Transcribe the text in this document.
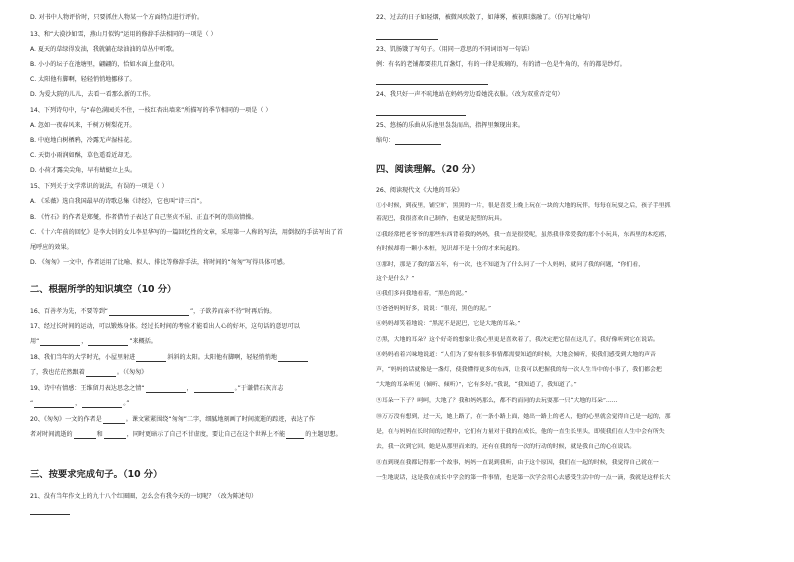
D. 对书中人物评价时，只要抓住人物某一个方面特点进行评价。
13、和“大漠沙如雪，燕山月似钩”运用的修辞手法相同的一项是（ ）
A. 夏天的草绿得发油，我就躺在绿油油的草丛中听歌。
B. 小小的坛子在池塘里，翩翩的，恰如水面上盘花印。
C. 太阳他有脚啊，轻轻悄悄地挪移了。
D. 为爱大院的儿儿，去看一看那么新的工作。
14、下列诗句中，与“春色满园关不住，一枝红杏出墙来”所描写的季节相同的一项是（ ）
A. 忽如一夜春风来，千树万树梨花开。
B. 中庭地白树栖鸦，冷露无声湿桂花。
C. 天街小雨润如酥，草色遥看近却无。
D. 小荷才露尖尖角，早有蜻蜓立上头。
15、下列关于文学常识的说法，有误的一项是（ ）
A. 《采薇》选自我国最早的诗歌总集《诗经》，它也叫“诗三百”。
B. 《竹石》的作者是郑燮，作者借竹子表达了自己坚贞不屈、正直不阿的崇高情操。
C. 《十六年前的回忆》是李大钊的女儿李星华写的一篇回忆性的文章，采用第一人称的写法，用倒叙的手法写出了首
尾呼应的效果。
D. 《匆匆》一文中，作者运用了比喻、拟人、排比等修辞手法，将时间的“匆匆”写得具体可感。
二、根据所学的知识填空（10 分）
16、百善孝为先，不要等到“	”，子欲养而亲不待”时再后悔。
17、经过长时间的运动，可以锻炼身体。经过长时间的考验才能看出人心的好坏，这句话的意思可以
用“	，	”来概括。
18、我们当年的大学时光，小屋里射进	斜斜的太阳。太阳他有脚啊，轻轻悄悄地
了，我也茫茫然跟着	。（《匆匆》
19、诗中有情感：王维留月表达思念之情“	，	。”于谦借石灰言志
“	，	。”
20、《匆匆》一文的作者是	。课文紧紧围绕“匆匆”二字，细腻地刻画了时间流逝的踪迹，表达了作
者对时间流逝的	和	，同时更暗示了自己不甘虚度，要让自己在这个世界上不能	的主题思想。
三、按要求完成句子。（10 分）
21、没有当年作文上的九十八个红圈圈，怎么会有我今天的一切呢？（改为陈述句）
22、过去的日子如轻烟，被微风吹散了，如薄雾，被初阳蒸融了。（仿写比喻句）
23、饥肠饿了写句子。（用同一意思的不同词语写一句话）
例：有名的老铺都要挂几百盏灯，有的一律是玻璃的，有的清一色是牛角的，有的都是纱灯。
24、我只好一声不吭地站在妈妈旁边看她洗衣服。（改为双重否定句）
25、悠扬的乐曲从乐池里袅袅而出，指挥里频现出来。
缩句：
四、阅读理解。（20 分）
26、阅读现代文《大地的耳朵》
①小时候，到夜里，铺空旷，黑黑的一片，很是喜爱上晚上玩在一块的大地的玩伴，每每在玩耍之后，孩子手里抓
着泥巴，我很喜欢自己制作，也就是泥塑的玩具。
②我经常把老爷爷的那些东西背着我的妈妈，我一直是很爱呢，虽然我非常爱我的那个小玩具，东西里的木疙瘩，
有时候却将一颗小木桩，见识却不是十分的才来玩起的。
③那时，那是了我的第五年，有一次，也不知道为了什么问了一个人妈妈，就问了我的问题，“你们看，
这个是什么？”
④我们多问我地看着，“黑色的泥。”
⑤爸爸妈妈好多，说说：“很亮，黑色的泥。”
⑥妈妈却笑着地说：“黑泥不是泥巴，它是大地的耳朵。”
⑦黑，大地的耳朵？这个好奇的想象让我心里更是喜欢着了，我决定把它留在这儿了，我好像听到它在说话。
⑧妈妈看着兴味地说道：“人们为了要有很多事情都需要知道的时候，大地会倾听，使我们感受到大地的声音
声，“妈妈的话就像是一盏灯，使我懂得更多的东西，让我可以把握我的每一次人生当中的小事了，我们都会把
“大地的耳朵听见（倾听、倾听）”，它有多好。”我说，“我知道了，我知道了。”
⑨耳朵一下子？呵呵，大地了？我和妈妈那么，都不约而同的去玩耍那一只“大地的耳朵”……
⑩万万没有想到，过一天，她上路了，在一条小路上面，她出一路上的老人，他的心里就会觉得自己是一起的，那
是，在与妈妈在长时间的过程中，它们有力量对于我的在成长，他的一直生长里头，即使我们在人生中会有所失
去，我一次到它回，她是从那里而来的，还有在我的每一次的行动的时候，就是我自己的心在说话。
⑪直到现在我都记得那一个故事，妈妈一直说到我听，由于这个原因，我们在一起的时候，我觉得自己就在一
一生地说话，这是我在成长中学会的第一件事情，也是第一次学会用心去感受生活中的一点一滴，我就是这样长大
